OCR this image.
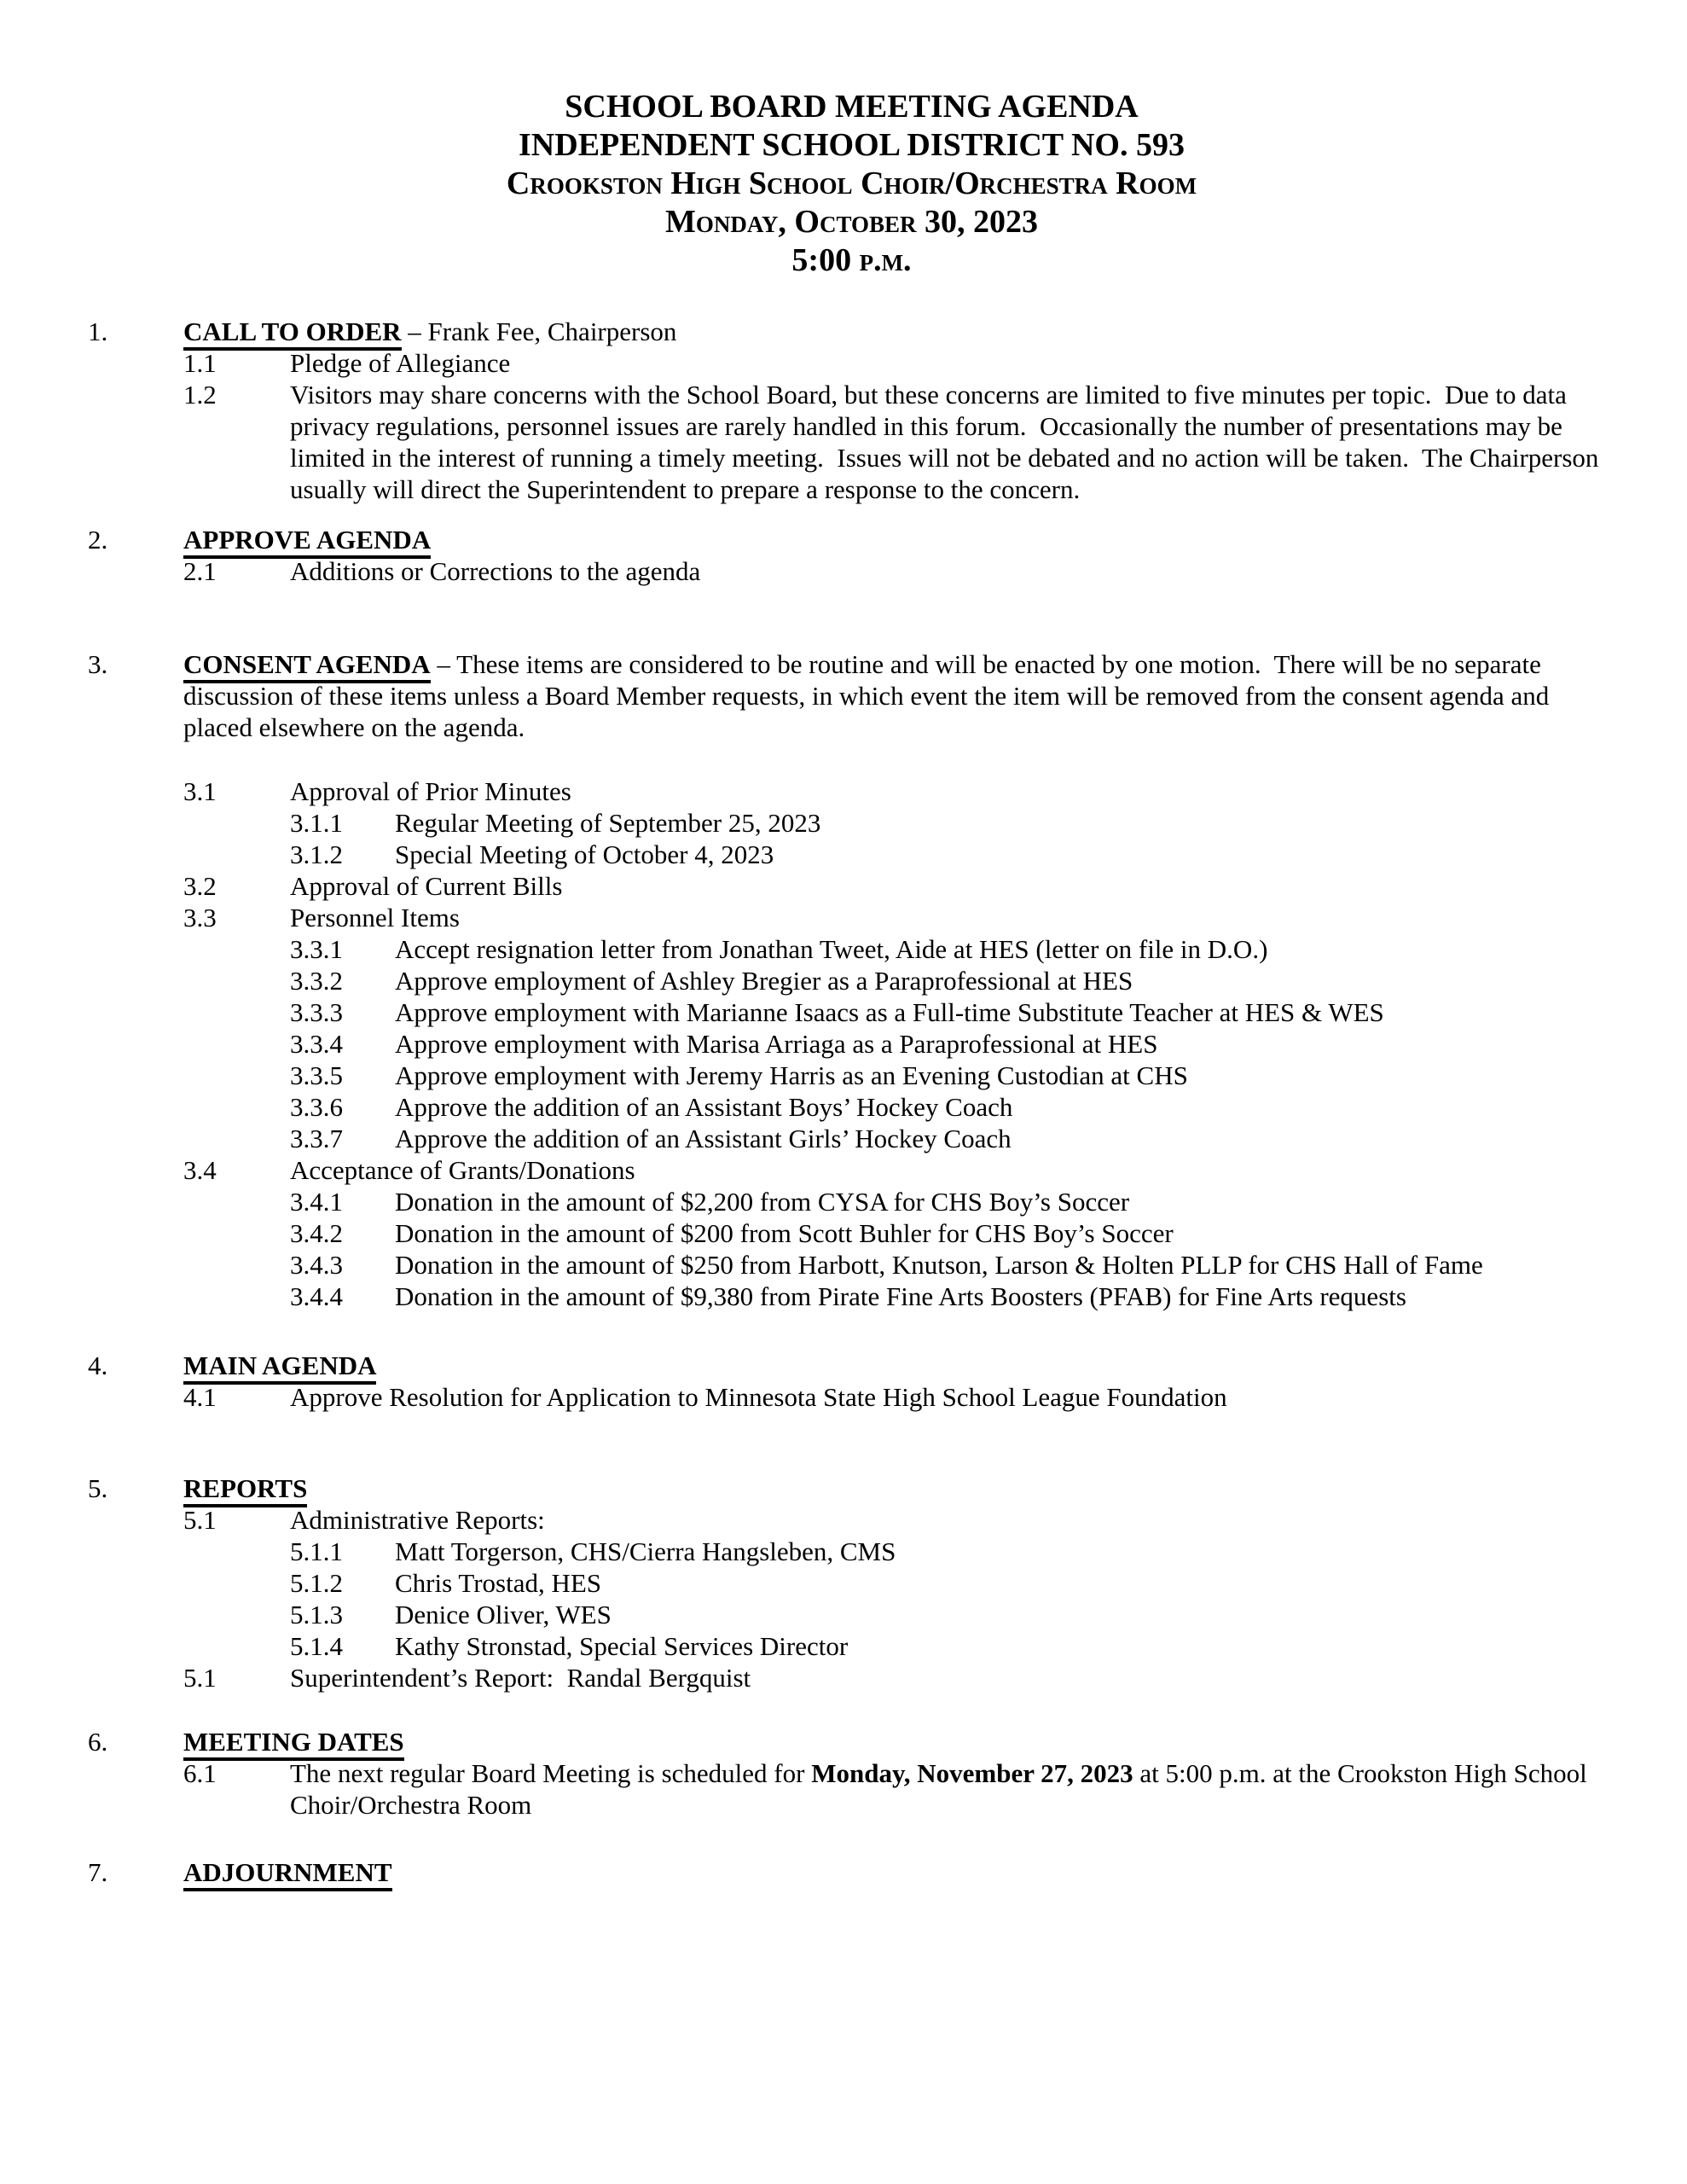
SCHOOL BOARD MEETING AGENDA
INDEPENDENT SCHOOL DISTRICT NO. 593
Crookston High School Choir/Orchestra Room
Monday, October 30, 2023
5:00 p.m.
1.	CALL TO ORDER – Frank Fee, Chairperson
1.1	Pledge of Allegiance
1.2	Visitors may share concerns with the School Board, but these concerns are limited to five minutes per topic.  Due to data privacy regulations, personnel issues are rarely handled in this forum.  Occasionally the number of presentations may be limited in the interest of running a timely meeting.  Issues will not be debated and no action will be taken.  The Chairperson usually will direct the Superintendent to prepare a response to the concern.
2.	APPROVE AGENDA
2.1	Additions or Corrections to the agenda
3.	CONSENT AGENDA – These items are considered to be routine and will be enacted by one motion.  There will be no separate discussion of these items unless a Board Member requests, in which event the item will be removed from the consent agenda and placed elsewhere on the agenda.
3.1	Approval of Prior Minutes
3.1.1	Regular Meeting of September 25, 2023
3.1.2	Special Meeting of October 4, 2023
3.2	Approval of Current Bills
3.3	Personnel Items
3.3.1	Accept resignation letter from Jonathan Tweet, Aide at HES (letter on file in D.O.)
3.3.2	Approve employment of Ashley Bregier as a Paraprofessional at HES
3.3.3	Approve employment with Marianne Isaacs as a Full-time Substitute Teacher at HES & WES
3.3.4	Approve employment with Marisa Arriaga as a Paraprofessional at HES
3.3.5	Approve employment with Jeremy Harris as an Evening Custodian at CHS
3.3.6	Approve the addition of an Assistant Boys’ Hockey Coach
3.3.7	Approve the addition of an Assistant Girls’ Hockey Coach
3.4	Acceptance of Grants/Donations
3.4.1	Donation in the amount of $2,200 from CYSA for CHS Boy’s Soccer
3.4.2	Donation in the amount of $200 from Scott Buhler for CHS Boy’s Soccer
3.4.3	Donation in the amount of $250 from Harbott, Knutson, Larson & Holten PLLP for CHS Hall of Fame
3.4.4	Donation in the amount of $9,380 from Pirate Fine Arts Boosters (PFAB) for Fine Arts requests
4.	MAIN AGENDA
4.1	Approve Resolution for Application to Minnesota State High School League Foundation
5.	REPORTS
5.1	Administrative Reports:
5.1.1	Matt Torgerson, CHS/Cierra Hangsleben, CMS
5.1.2	Chris Trostad, HES
5.1.3	Denice Oliver, WES
5.1.4	Kathy Stronstad, Special Services Director
5.1	Superintendent’s Report:  Randal Bergquist
6.	MEETING DATES
6.1	The next regular Board Meeting is scheduled for Monday, November 27, 2023 at 5:00 p.m. at the Crookston High School Choir/Orchestra Room
7.	ADJOURNMENT
